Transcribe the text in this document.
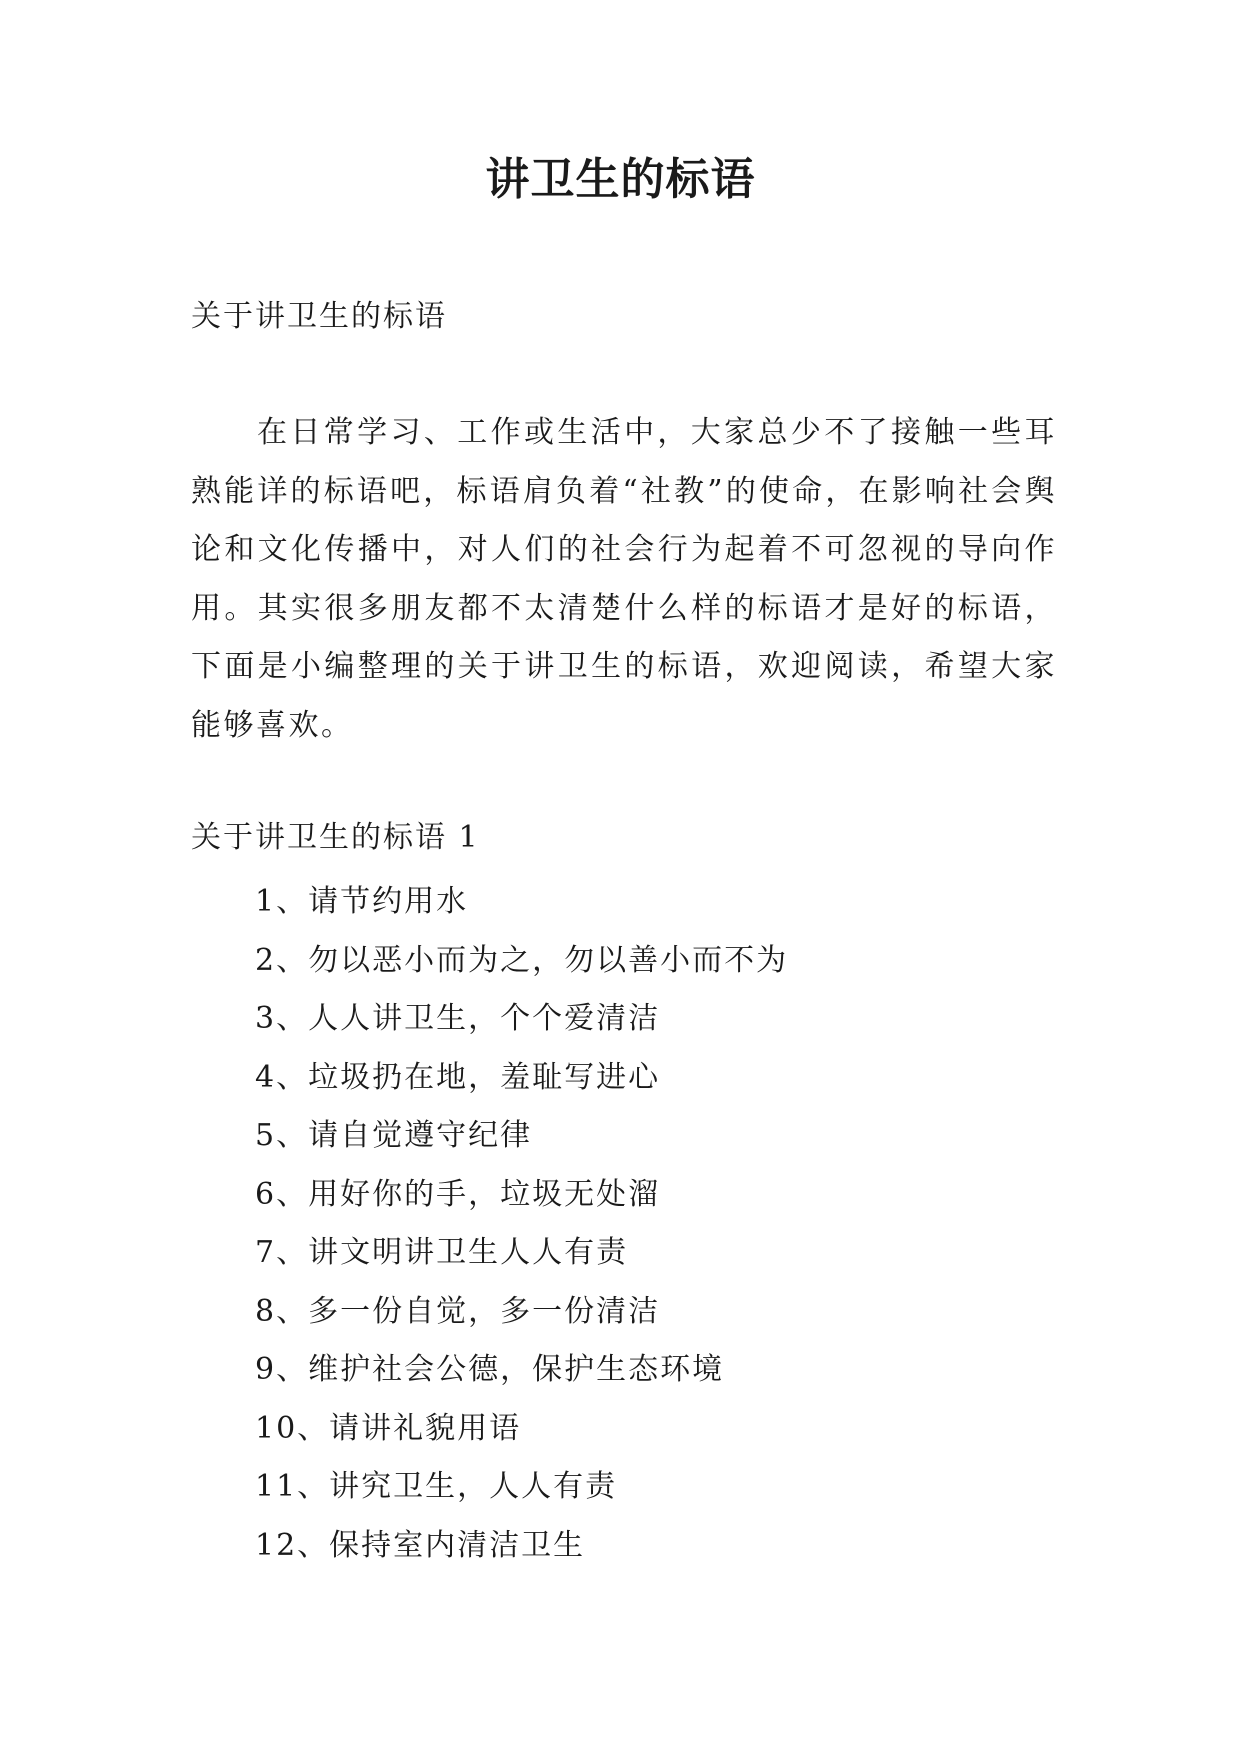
讲卫生的标语

关于讲卫生的标语

在日常学习、工作或生活中，大家总少不了接触一些耳熟能详的标语吧，标语肩负着“社教”的使命，在影响社会舆论和文化传播中，对人们的社会行为起着不可忽视的导向作用。其实很多朋友都不太清楚什么样的标语才是好的标语，下面是小编整理的关于讲卫生的标语，欢迎阅读，希望大家能够喜欢。

关于讲卫生的标语 1

1、请节约用水
2、勿以恶小而为之，勿以善小而不为
3、人人讲卫生，个个爱清洁
4、垃圾扔在地，羞耻写进心
5、请自觉遵守纪律
6、用好你的手，垃圾无处溜
7、讲文明讲卫生人人有责
8、多一份自觉，多一份清洁
9、维护社会公德，保护生态环境
10、请讲礼貌用语
11、讲究卫生，人人有责
12、保持室内清洁卫生
